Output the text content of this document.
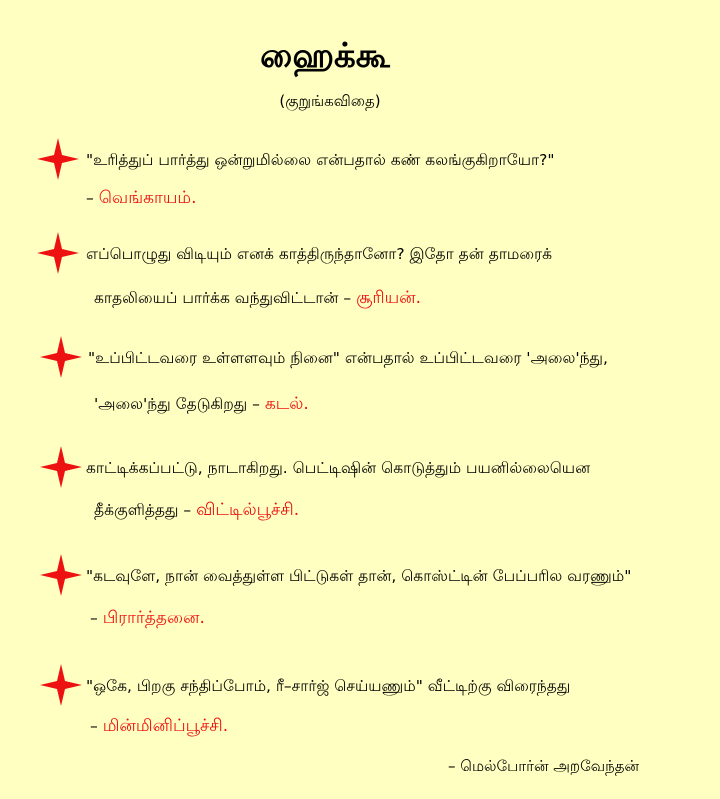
ஹைக்கூ
(குறுங்கவிதை)
"உரித்துப் பார்த்து ஒன்றுமில்லை என்பதால் கண் கலங்குகிறாயோ?"
– வெங்காயம்.
எப்பொழுது விடியும் எனக் காத்திருந்தானோ? இதோ தன் தாமரைக்
காதலியைப் பார்க்க வந்துவிட்டான் – சூரியன்.
"உப்பிட்டவரை உள்ளளவும் நினை" என்பதால் உப்பிட்டவரை 'அலை'ந்து,
'அலை'ந்து தேடுகிறது – கடல்.
காட்டிக்கப்பட்டு, நாடாகிறது. பெட்டிஷின் கொடுத்தும் பயனில்லையென
தீக்குளித்தது – விட்டில்பூச்சி.
"கடவுளே, நான் வைத்துள்ள பிட்டுகள் தான், கொஸ்ட்டின் பேப்பரில வரணும்"
– பிரார்த்தனை.
"ஒகே, பிறகு சந்திப்போம், ரீ–சார்ஜ் செய்யணும்" வீட்டிற்கு விரைந்தது
– மின்மினிப்பூச்சி.
– மெல்போர்ன் அறவேந்தன்
